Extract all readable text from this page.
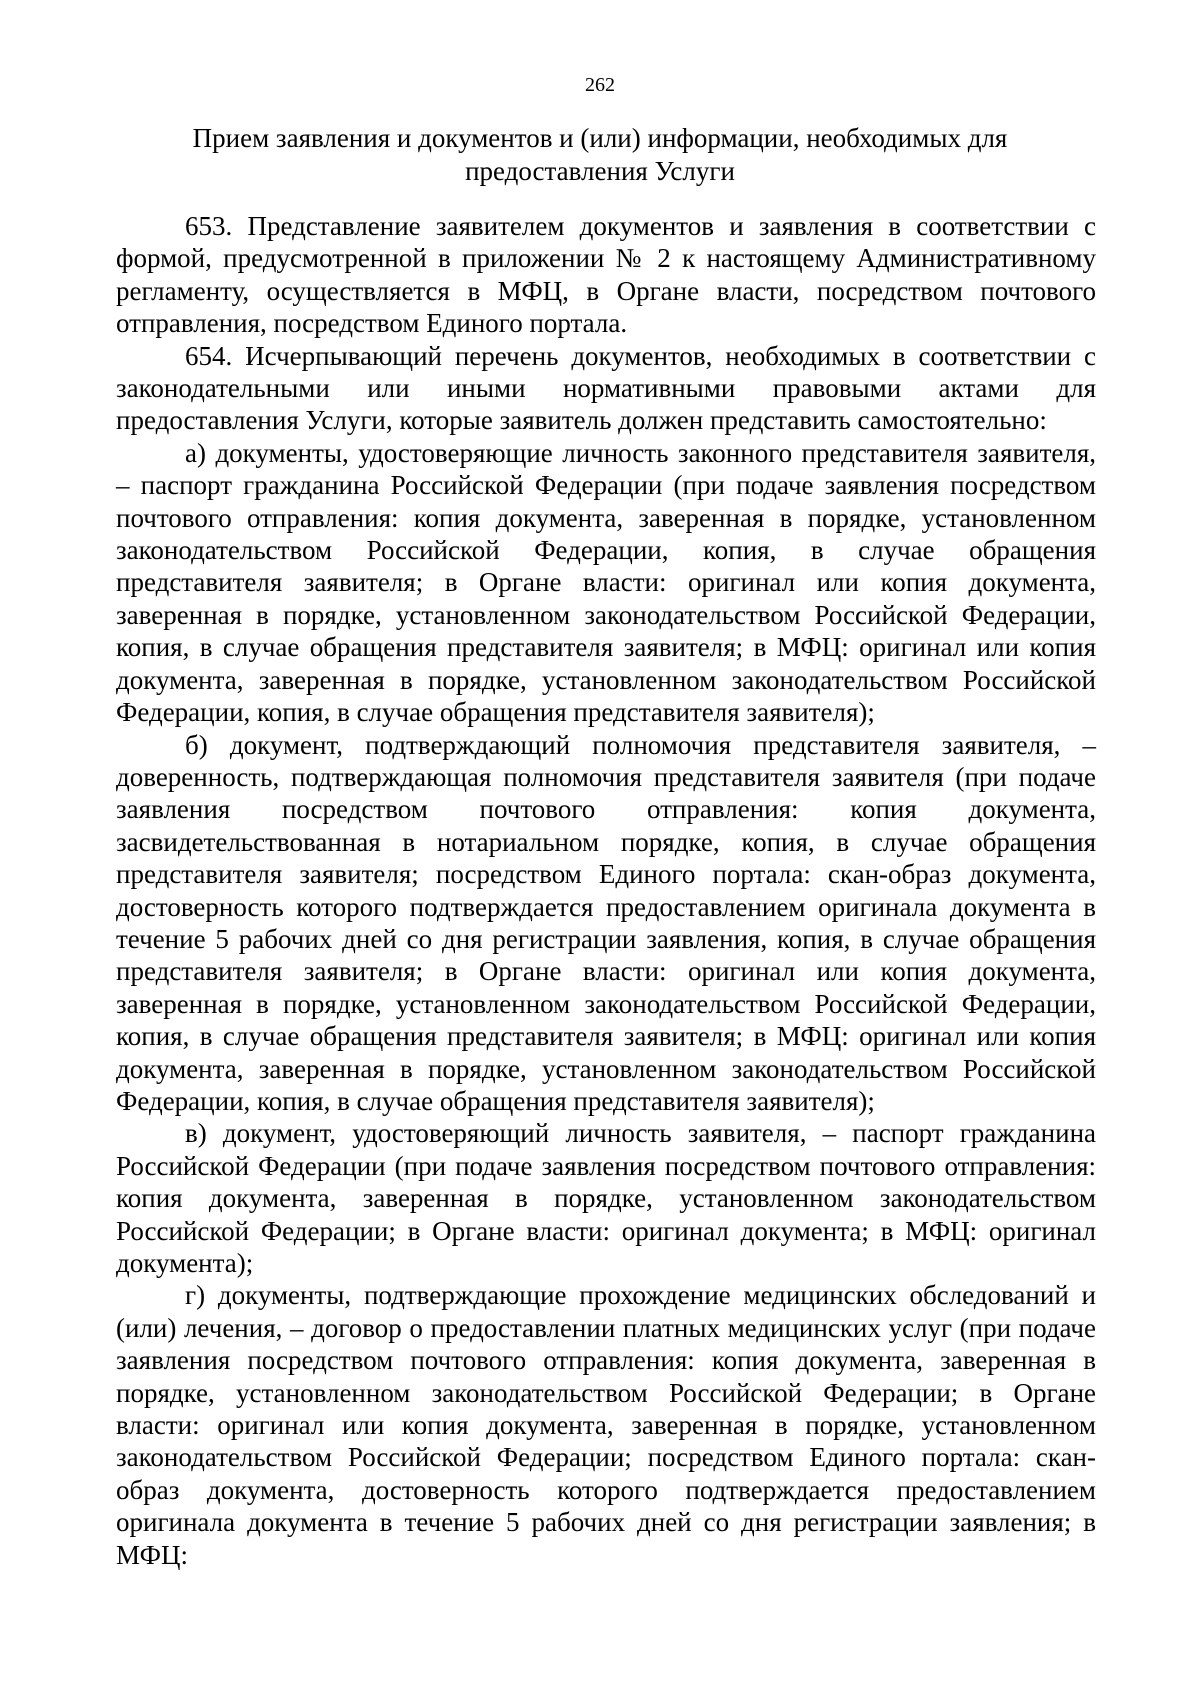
262
Прием заявления и документов и (или) информации, необходимых для предоставления Услуги

653. Представление заявителем документов и заявления в соответствии с формой, предусмотренной в приложении № 2 к настоящему Административному регламенту, осуществляется в МФЦ, в Органе власти, посредством почтового отправления, посредством Единого портала.

654. Исчерпывающий перечень документов, необходимых в соответствии с законодательными или иными нормативными правовыми актами для предоставления Услуги, которые заявитель должен представить самостоятельно:

а) документы, удостоверяющие личность законного представителя заявителя, – паспорт гражданина Российской Федерации (при подаче заявления посредством почтового отправления: копия документа, заверенная в порядке, установленном законодательством Российской Федерации, копия, в случае обращения представителя заявителя; в Органе власти: оригинал или копия документа, заверенная в порядке, установленном законодательством Российской Федерации, копия, в случае обращения представителя заявителя; в МФЦ: оригинал или копия документа, заверенная в порядке, установленном законодательством Российской Федерации, копия, в случае обращения представителя заявителя);

б) документ, подтверждающий полномочия представителя заявителя, – доверенность, подтверждающая полномочия представителя заявителя (при подаче заявления посредством почтового отправления: копия документа, засвидетельствованная в нотариальном порядке, копия, в случае обращения представителя заявителя; посредством Единого портала: скан-образ документа, достоверность которого подтверждается предоставлением оригинала документа в течение 5 рабочих дней со дня регистрации заявления, копия, в случае обращения представителя заявителя; в Органе власти: оригинал или копия документа, заверенная в порядке, установленном законодательством Российской Федерации, копия, в случае обращения представителя заявителя; в МФЦ: оригинал или копия документа, заверенная в порядке, установленном законодательством Российской Федерации, копия, в случае обращения представителя заявителя);

в) документ, удостоверяющий личность заявителя, – паспорт гражданина Российской Федерации (при подаче заявления посредством почтового отправления: копия документа, заверенная в порядке, установленном законодательством Российской Федерации; в Органе власти: оригинал документа; в МФЦ: оригинал документа);

г) документы, подтверждающие прохождение медицинских обследований и (или) лечения, – договор о предоставлении платных медицинских услуг (при подаче заявления посредством почтового отправления: копия документа, заверенная в порядке, установленном законодательством Российской Федерации; в Органе власти: оригинал или копия документа, заверенная в порядке, установленном законодательством Российской Федерации; посредством Единого портала: скан-образ документа, достоверность которого подтверждается предоставлением оригинала документа в течение 5 рабочих дней со дня регистрации заявления; в МФЦ:
